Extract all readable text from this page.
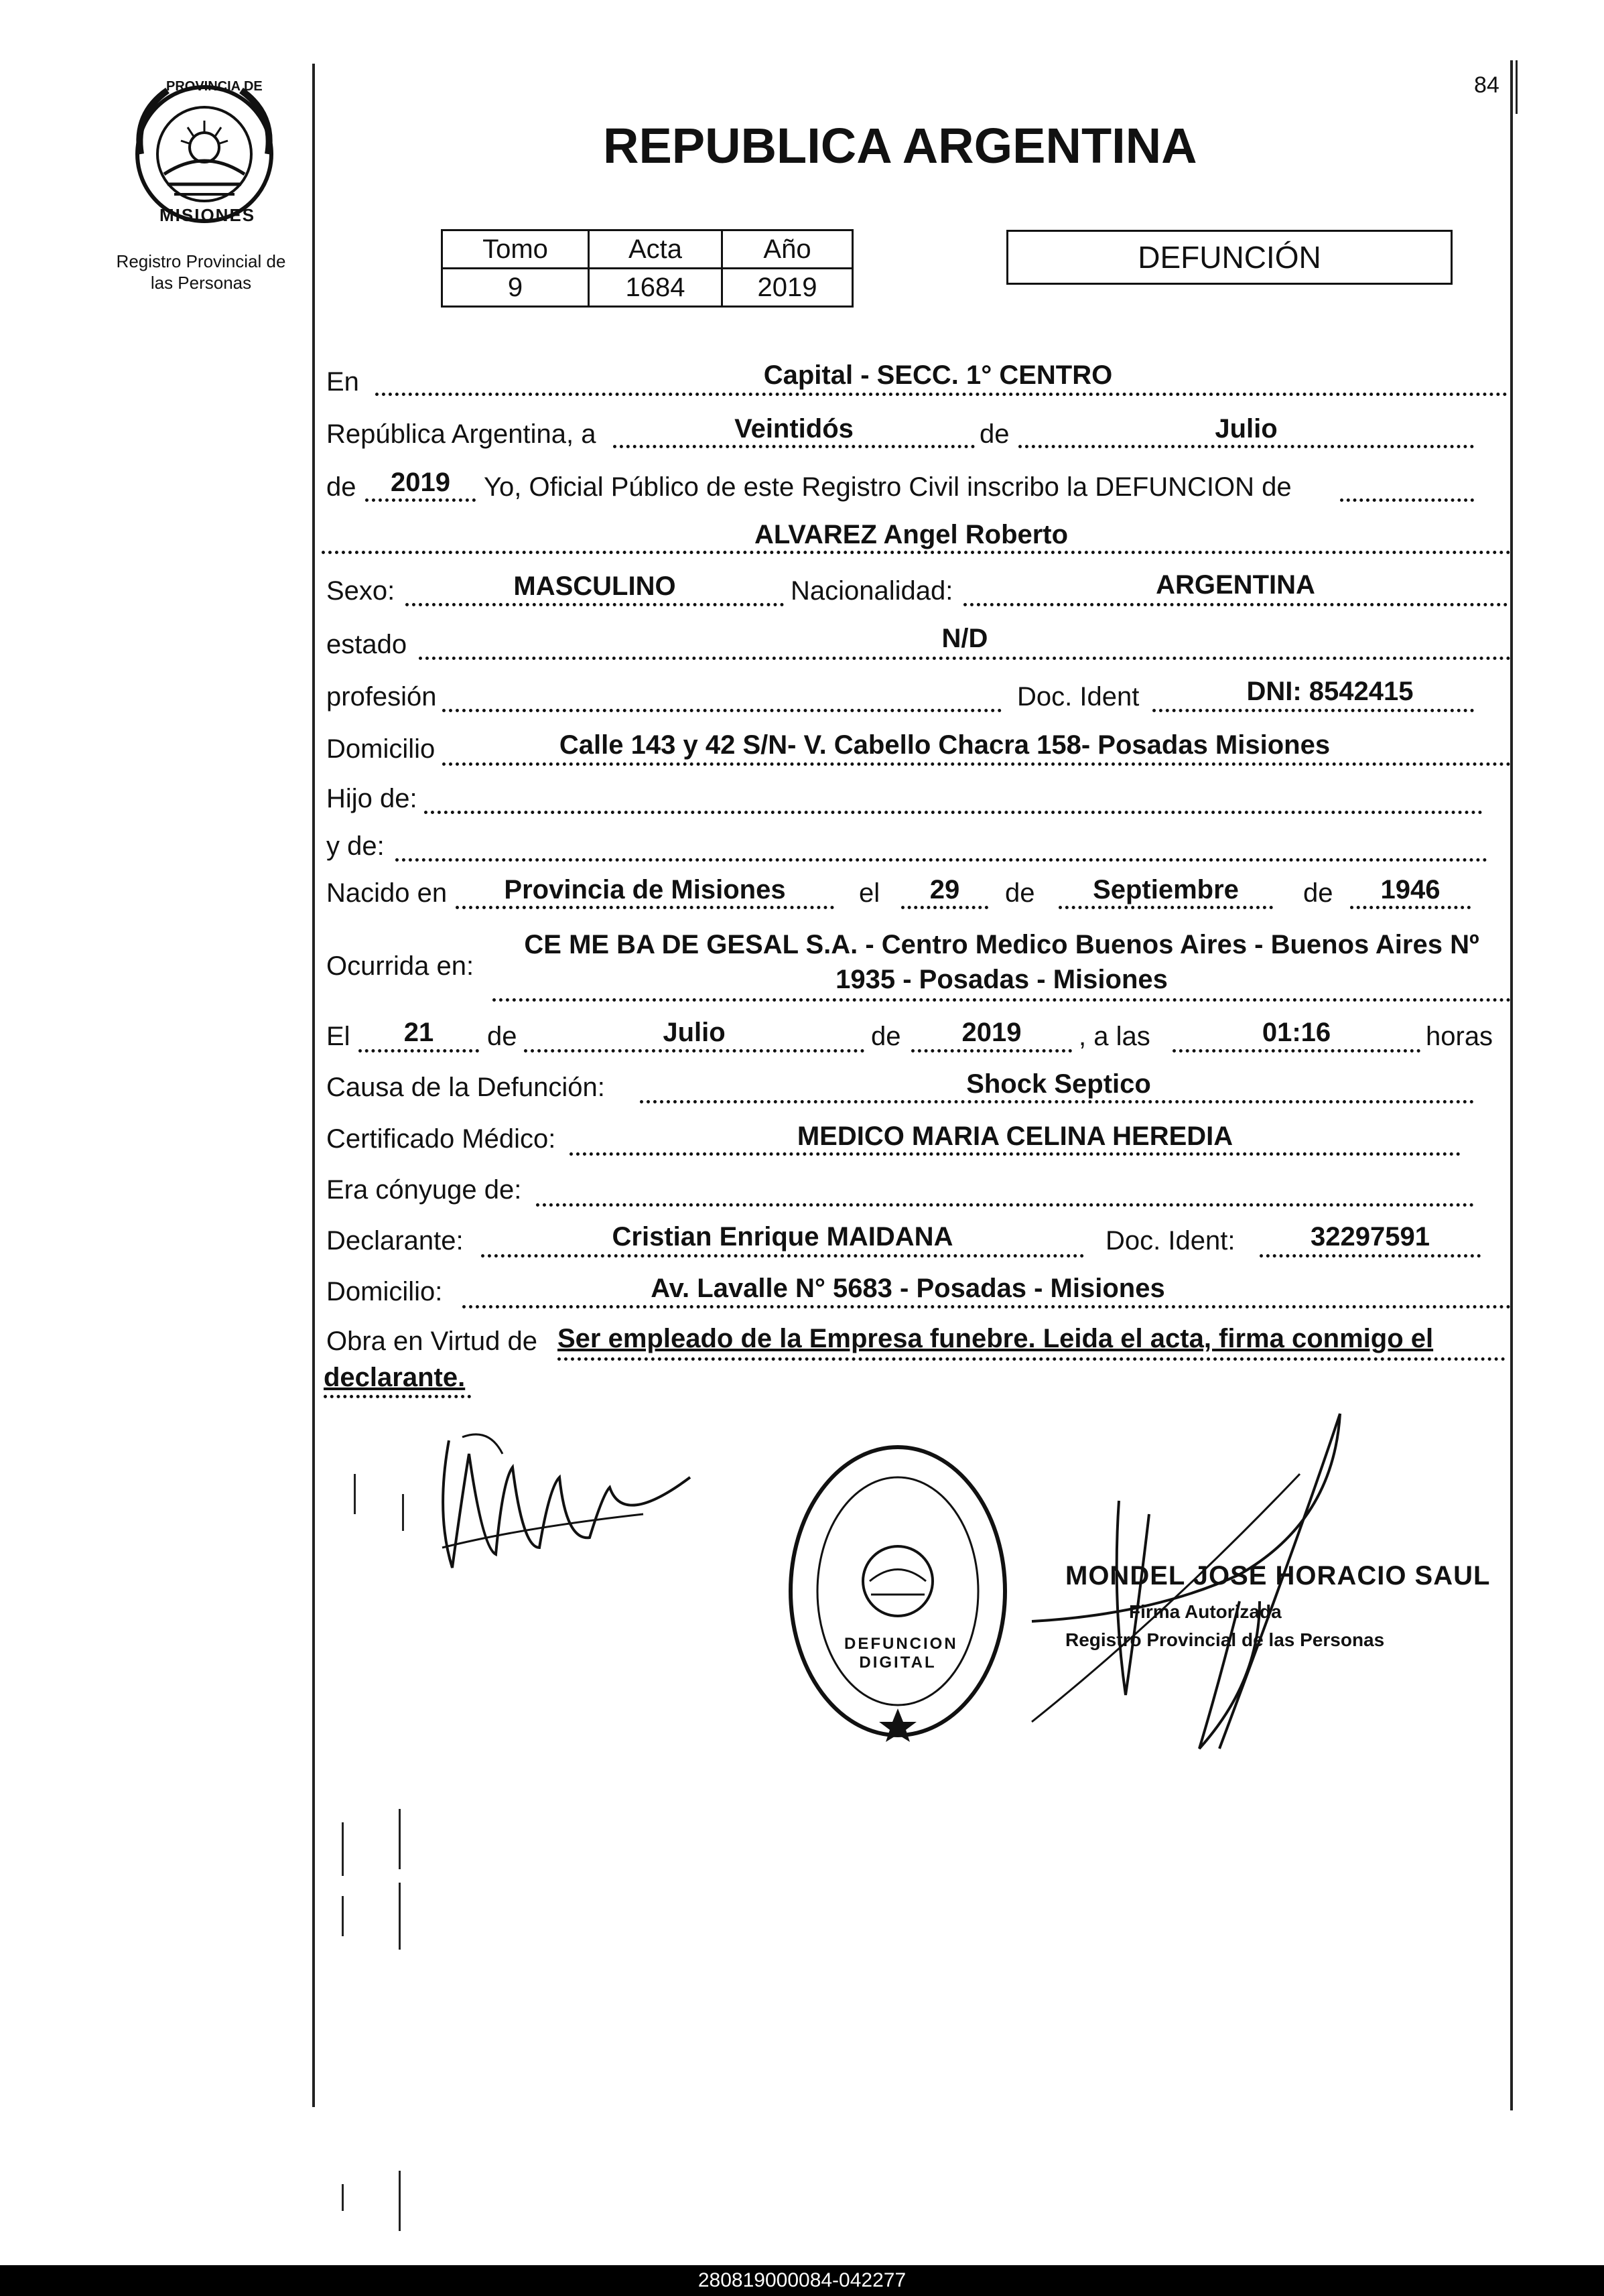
PROVINCIA DE
MISIONES
Registro Provincial de
las Personas
84
REPUBLICA ARGENTINA
Tomo	Acta	Año
9	1684	2019
DEFUNCIÓN
En	Capital - SECC. 1° CENTRO
República Argentina, a	Veintidós	de	Julio
de	2019	Yo, Oficial Público de este Registro Civil inscribo la DEFUNCION de
ALVAREZ Angel Roberto
Sexo:	MASCULINO	Nacionalidad:	ARGENTINA
estado	N/D
profesión	Doc. Ident	DNI: 8542415
Domicilio	Calle 143 y 42 S/N- V. Cabello Chacra 158- Posadas Misiones
Hijo de:
y de:
Nacido en	Provincia de Misiones	el	29	de	Septiembre	de	1946
Ocurrida en:
CE ME BA DE GESAL S.A. - Centro Medico Buenos Aires - Buenos Aires Nº
1935 - Posadas - Misiones
El	21	de	Julio	de	2019	, a las	01:16	horas
Causa de la Defunción:	Shock Septico
Certificado Médico:	MEDICO MARIA CELINA HEREDIA
Era cónyuge de:
Declarante:	Cristian Enrique MAIDANA	Doc. Ident:	32297591
Domicilio:	Av. Lavalle N° 5683 - Posadas - Misiones
Obra en Virtud de Ser empleado de la Empresa funebre. Leida el acta, firma conmigo el
declarante.
DEFUNCION DIGITAL
MONDEL JOSE HORACIO SAUL
Firma Autorizada
Registro Provincial de las Personas
280819000084-042277
